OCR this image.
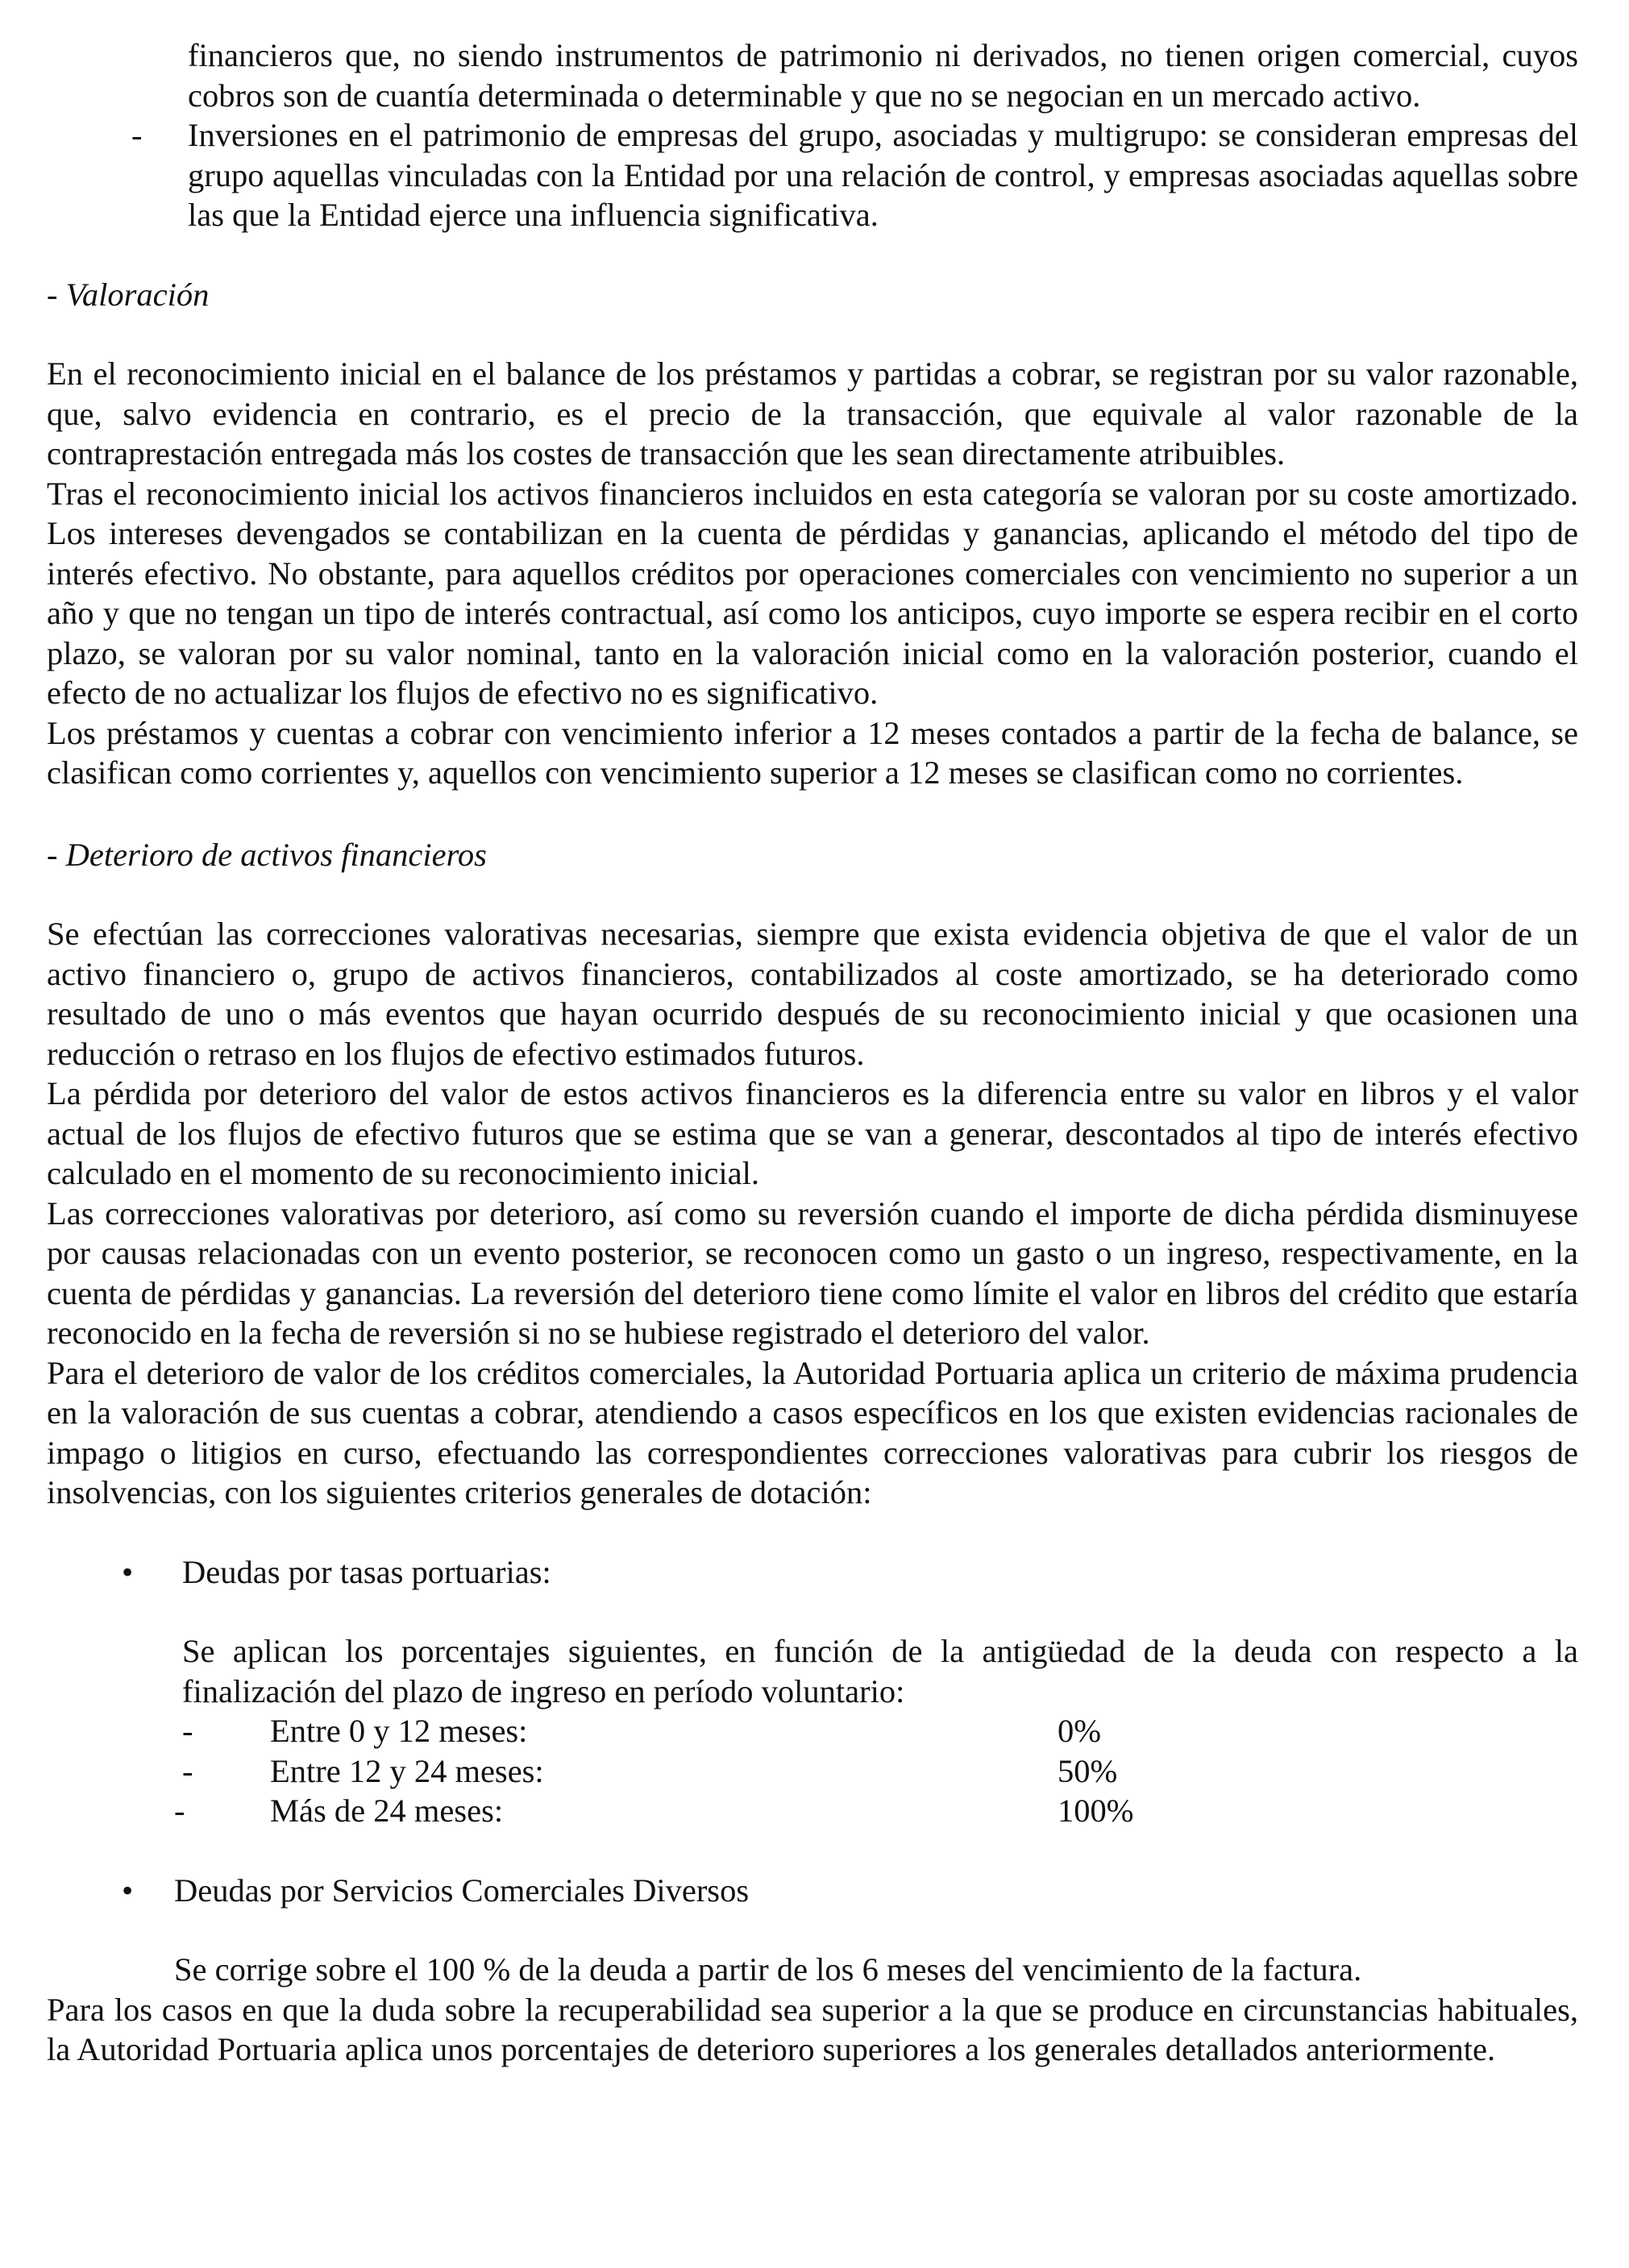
financieros que, no siendo instrumentos de patrimonio ni derivados, no tienen origen comercial, cuyos cobros son de cuantía determinada o determinable y que no se negocian en un mercado activo.

- Inversiones en el patrimonio de empresas del grupo, asociadas y multigrupo: se consideran empresas del grupo aquellas vinculadas con la Entidad por una relación de control, y empresas asociadas aquellas sobre las que la Entidad ejerce una influencia significativa.

- Valoración

En el reconocimiento inicial en el balance de los préstamos y partidas a cobrar, se registran por su valor razonable, que, salvo evidencia en contrario, es el precio de la transacción, que equivale al valor razonable de la contraprestación entregada más los costes de transacción que les sean directamente atribuibles.

Tras el reconocimiento inicial los activos financieros incluidos en esta categoría se valoran por su coste amortizado. Los intereses devengados se contabilizan en la cuenta de pérdidas y ganancias, aplicando el método del tipo de interés efectivo. No obstante, para aquellos créditos por operaciones comerciales con vencimiento no superior a un año y que no tengan un tipo de interés contractual, así como los anticipos, cuyo importe se espera recibir en el corto plazo, se valoran por su valor nominal, tanto en la valoración inicial como en la valoración posterior, cuando el efecto de no actualizar los flujos de efectivo no es significativo.

Los préstamos y cuentas a cobrar con vencimiento inferior a 12 meses contados a partir de la fecha de balance, se clasifican como corrientes y, aquellos con vencimiento superior a 12 meses se clasifican como no corrientes.

- Deterioro de activos financieros

Se efectúan las correcciones valorativas necesarias, siempre que exista evidencia objetiva de que el valor de un activo financiero o, grupo de activos financieros, contabilizados al coste amortizado, se ha deteriorado como resultado de uno o más eventos que hayan ocurrido después de su reconocimiento inicial y que ocasionen una reducción o retraso en los flujos de efectivo estimados futuros.

La pérdida por deterioro del valor de estos activos financieros es la diferencia entre su valor en libros y el valor actual de los flujos de efectivo futuros que se estima que se van a generar, descontados al tipo de interés efectivo calculado en el momento de su reconocimiento inicial.

Las correcciones valorativas por deterioro, así como su reversión cuando el importe de dicha pérdida disminuyese por causas relacionadas con un evento posterior, se reconocen como un gasto o un ingreso, respectivamente, en la cuenta de pérdidas y ganancias. La reversión del deterioro tiene como límite el valor en libros del crédito que estaría reconocido en la fecha de reversión si no se hubiese registrado el deterioro del valor.

Para el deterioro de valor de los créditos comerciales, la Autoridad Portuaria aplica un criterio de máxima prudencia en la valoración de sus cuentas a cobrar, atendiendo a casos específicos en los que existen evidencias racionales de impago o litigios en curso, efectuando las correspondientes correcciones valorativas para cubrir los riesgos de insolvencias, con los siguientes criterios generales de dotación:

•	Deudas por tasas portuarias:

Se aplican los porcentajes siguientes, en función de la antigüedad de la deuda con respecto a la finalización del plazo de ingreso en período voluntario:

- Entre 0 y 12 meses:	0%
- Entre 12 y 24 meses:	50%
-	Más de 24 meses:	100%
•	Deudas por Servicios Comerciales Diversos

Se corrige sobre el 100 % de la deuda a partir de los 6 meses del vencimiento de la factura.

Para los casos en que la duda sobre la recuperabilidad sea superior a la que se produce en circunstancias habituales, la Autoridad Portuaria aplica unos porcentajes de deterioro superiores a los generales detallados anteriormente.
